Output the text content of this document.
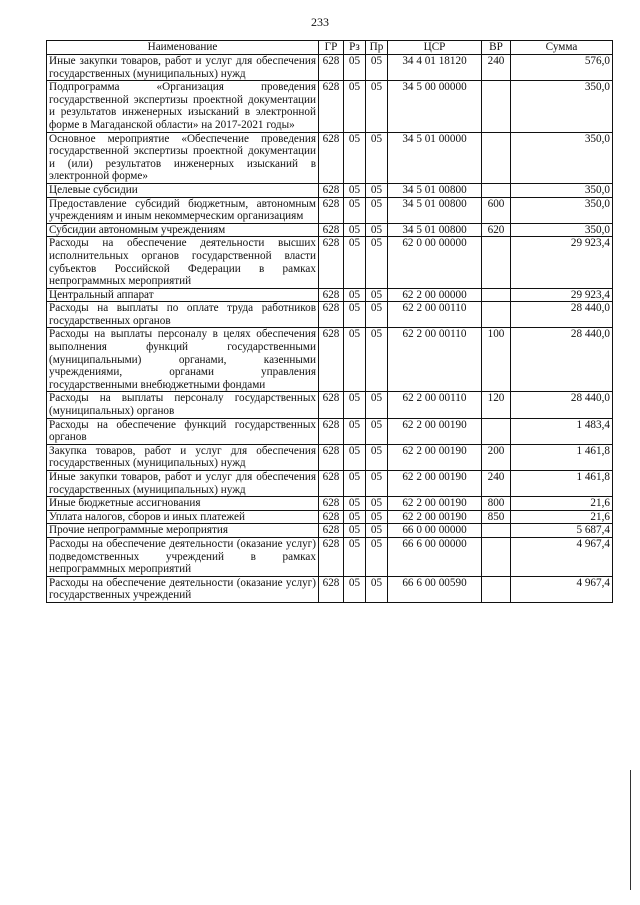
233
Наименование	ГР	Рз	Пр	ЦСР	ВР	Сумма
Иные закупки товаров, работ и услуг для обеспечения государственных (муниципальных) нужд	628	05	05	34 4 01 18120	240	576,0
Подпрограмма «Организация проведения государственной экспертизы проектной документации и результатов инженерных изысканий в электронной форме в Магаданской области» на 2017-2021 годы»	628	05	05	34 5 00 00000		350,0
Основное мероприятие «Обеспечение проведения государственной экспертизы проектной документации и (или) результатов инженерных изысканий в электронной форме»	628	05	05	34 5 01 00000		350,0
Целевые субсидии	628	05	05	34 5 01 00800		350,0
Предоставление субсидий бюджетным, автономным учреждениям и иным некоммерческим организациям	628	05	05	34 5 01 00800	600	350,0
Субсидии автономным учреждениям	628	05	05	34 5 01 00800	620	350,0
Расходы на обеспечение деятельности высших исполнительных органов государственной власти субъектов Российской Федерации в рамках непрограммных мероприятий	628	05	05	62 0 00 00000		29 923,4
Центральный аппарат	628	05	05	62 2 00 00000		29 923,4
Расходы на выплаты по оплате труда работников государственных органов	628	05	05	62 2 00 00110		28 440,0
Расходы на выплаты персоналу в целях обеспечения выполнения функций государственными (муниципальными) органами, казенными учреждениями, органами управления государственными внебюджетными фондами	628	05	05	62 2 00 00110	100	28 440,0
Расходы на выплаты персоналу государственных (муниципальных) органов	628	05	05	62 2 00 00110	120	28 440,0
Расходы на обеспечение функций государственных органов	628	05	05	62 2 00 00190		1 483,4
Закупка товаров, работ и услуг для обеспечения государственных (муниципальных) нужд	628	05	05	62 2 00 00190	200	1 461,8
Иные закупки товаров, работ и услуг для обеспечения государственных (муниципальных) нужд	628	05	05	62 2 00 00190	240	1 461,8
Иные бюджетные ассигнования	628	05	05	62 2 00 00190	800	21,6
Уплата налогов, сборов и иных платежей	628	05	05	62 2 00 00190	850	21,6
Прочие непрограммные мероприятия	628	05	05	66 0 00 00000		5 687,4
Расходы на обеспечение деятельности (оказание услуг) подведомственных учреждений в рамках непрограммных мероприятий	628	05	05	66 6 00 00000		4 967,4
Расходы на обеспечение деятельности (оказание услуг) государственных учреждений	628	05	05	66 6 00 00590		4 967,4
